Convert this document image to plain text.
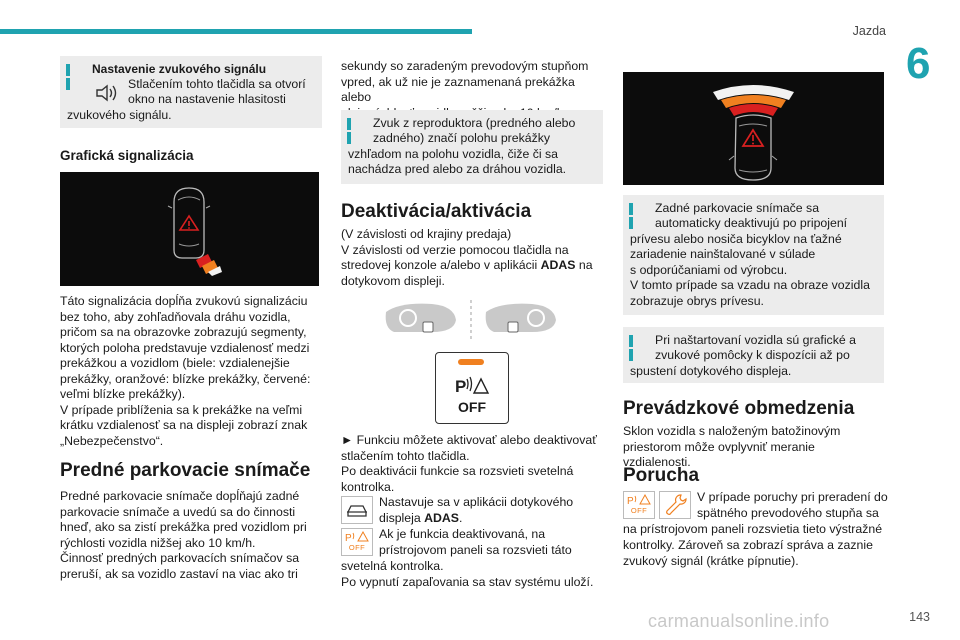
Jazda
6
Nastavenie zvukového signálu
Stlačením tohto tlačidla sa otvorí
okno na nastavenie hlasitosti
zvukového signálu.
Grafická signalizácia

Táto signalizácia dopĺňa zvukovú signalizáciu

bez toho, aby zohľadňovala dráhu vozidla,

pričom sa na obrazovke zobrazujú segmenty,

ktorých poloha predstavuje vzdialenosť medzi

prekážkou a vozidlom (biele: vzdialenejšie

prekážky, oranžové: blízke prekážky, červené:

veľmi blízke prekážky).

V prípade priblíženia sa k prekážke na veľmi

krátku vzdialenosť sa na displeji zobrazí znak

„Nebezpečenstvo“.

Predné parkovacie snímače

Predné parkovacie snímače dopĺňajú zadné

parkovacie snímače a uvedú sa do činnosti

hneď, ako sa zistí prekážka pred vozidlom pri

rýchlosti vozidla nižšej ako 10 km/h.

Činnosť predných parkovacích snímačov sa

preruší, ak sa vozidlo zastaví na viac ako tri

sekundy so zaradeným prevodovým stupňom

vpred, ak už nie je zaznamenaná prekážka alebo

Zvuk z reproduktora (predného alebo
zadného) značí polohu prekážky
vzhľadom na polohu vozidla, čiže či sa
nachádza pred alebo za dráhou vozidla.
Deaktivácia/aktivácia

(V závislosti od krajiny predaja)

V závislosti od verzie pomocou tlačidla na

stredovej konzole a/alebo v aplikácii ADAS na

dotykovom displeji.

P
OFF

► Funkciu môžete aktivovať alebo deaktivovať

stlačením tohto tlačidla.

Po deaktivácii funkcie sa rozsvieti svetelná

kontrolka.

Nastavuje sa v aplikácii dotykového
displeja ADAS.
P
OFF
Ak je funkcia deaktivovaná, na
prístrojovom paneli sa rozsvieti táto
svetelná kontrolka.
Po vypnutí zapaľovania sa stav systému uloží.
Zadné parkovacie snímače sa
automaticky deaktivujú po pripojení
prívesu alebo nosiča bicyklov na ťažné
zariadenie nainštalované v súlade
s odporúčaniami od výrobcu.
V tomto prípade sa vzadu na obraze vozidla
zobrazuje obrys prívesu.
Pri naštartovaní vozidla sú grafické a
zvukové pomôcky k dispozícii až po
spustení dotykového displeja.
Prevádzkové obmedzenia

Sklon vozidla s naloženým batožinovým

priestorom môže ovplyvniť meranie vzdialenosti.

Porucha
P
OFF
V prípade poruchy pri preradení do
spätného prevodového stupňa sa
na prístrojovom paneli rozsvietia tieto výstražné
kontrolky. Zároveň sa zobrazí správa a zaznie
zvukový signál (krátke pípnutie).
carmanualsonline.info	143
